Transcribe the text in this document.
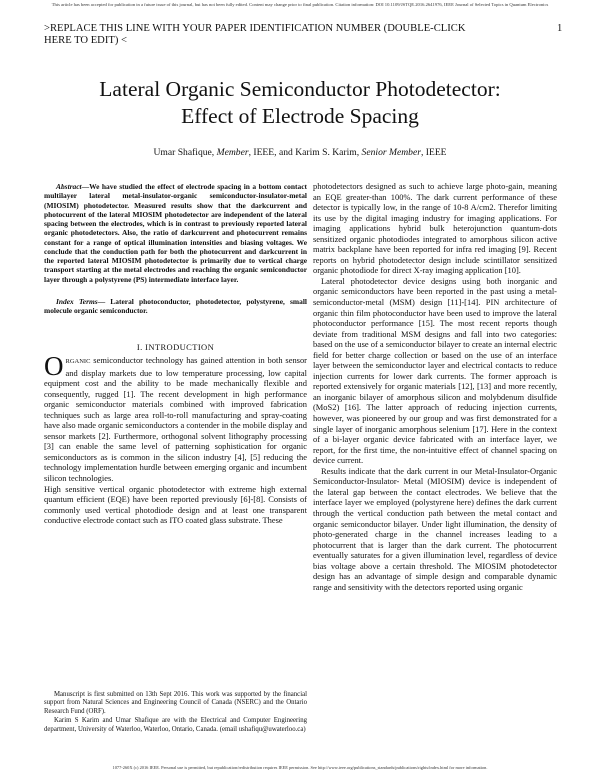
This article has been accepted for publication in a future issue of this journal, but has not been fully edited. Content may change prior to final publication. Citation information: DOI 10.1109/JSTQE.2016.2641976, IEEE Journal of Selected Topics in Quantum Electronics
>REPLACE THIS LINE WITH YOUR PAPER IDENTIFICATION NUMBER (DOUBLE-CLICK HERE TO EDIT) <
1
Lateral Organic Semiconductor Photodetector:
Effect of Electrode Spacing
Umar Shafique, Member, IEEE, and Karim S. Karim, Senior Member, IEEE

Abstract—We have studied the effect of electrode spacing in a bottom contact multilayer lateral metal-insulator-organic semiconductor-insulator-metal (MIOSIM) photodetector. Measured results show that the darkcurrent and photocurrent of the lateral MIOSIM photodetector are independent of the lateral spacing between the electrodes, which is in contrast to previously reported lateral organic photodetectors. Also, the ratio of darkcurrent and photocurrent remains constant for a range of optical illumination intensities and biasing voltages. We conclude that the conduction path for both the photocurrent and darkcurrent in the reported lateral MIOSIM photodetector is primarily due to vertical charge transport starting at the metal electrodes and reaching the organic semiconductor layer through a polystyrene (PS) intermediate interface layer.

Index Terms— Lateral photoconductor, photodetector, polystyrene, small molecule organic semiconductor.

I. INTRODUCTION

ORGANIC semiconductor technology has gained attention in both sensor and display markets due to low temperature processing, low capital equipment cost and the ability to be made mechanically flexible and consequently, rugged [1]. The recent development in high performance organic semiconductor materials combined with improved fabrication techniques such as large area roll-to-roll manufacturing and spray-coating have also made organic semiconductors a contender in the mobile display and sensor markets [2]. Furthermore, orthogonal solvent lithography processing [3] can enable the same level of patterning sophistication for organic semiconductors as is common in the silicon industry [4], [5] reducing the technology implementation hurdle between emerging organic and incumbent silicon technologies.

High sensitive vertical organic photodetector with extreme high external quantum efficient (EQE) have been reported previously [6]-[8]. Consists of commonly used vertical photodiode design and at least one transparent conductive electrode contact such as ITO coated glass substrate. These

Manuscript is first submitted on 13th Sept 2016. This work was supported by the financial support from Natural Sciences and Engineering Council of Canada (NSERC) and the Ontario Research Fund (ORF).

Karim S Karim and Umar Shafique are with the Electrical and Computer Engineering department, University of Waterloo, Waterloo, Ontario, Canada. (email ushafiqu@uwaterloo.ca)

photodetectors designed as such to achieve large photo-gain, meaning an EQE greater-than 100%. The dark current performance of these detector is typically low, in the range of 10-8 A/cm2. Therefor limiting its use by the digital imaging industry for imaging applications. For imaging applications hybrid bulk heterojunction quantum-dots sensitized organic photodiodes integrated to amorphous silicon active matrix backplane have been reported for infra red imaging [9]. Recent reports on hybrid photodetector design include scintillator sensitized organic photodiode for direct X-ray imaging application [10].

Lateral photodetector device designs using both inorganic and organic semiconductors have been reported in the past using a metal-semiconductor-metal (MSM) design [11]-[14]. PIN architecture of organic thin film photoconductor have been used to improve the lateral photoconductor performance [15]. The most recent reports though deviate from traditional MSM designs and fall into two categories: based on the use of a semiconductor bilayer to create an internal electric field for better charge collection or based on the use of an interface layer between the semiconductor layer and electrical contacts to reduce injection currents for lower dark currents. The former approach is reported extensively for organic materials [12], [13] and more recently, an inorganic bilayer of amorphous silicon and molybdenum disulfide (MoS2) [16]. The latter approach of reducing injection currents, however, was pioneered by our group and was first demonstrated for a single layer of inorganic amorphous selenium [17]. Here in the context of a bi-layer organic device fabricated with an interface layer, we report, for the first time, the non-intuitive effect of channel spacing on device current.

Results indicate that the dark current in our Metal-Insulator-Organic Semiconductor-Insulator- Metal (MIOSIM) device is independent of the lateral gap between the contact electrodes. We believe that the interface layer we employed (polystyrene here) defines the dark current through the vertical conduction path between the metal contact and organic semiconductor bilayer. Under light illumination, the density of photo-generated charge in the channel increases leading to a photocurrent that is larger than the dark current. The photocurrent eventually saturates for a given illumination level, regardless of device bias voltage above a certain threshold. The MIOSIM photodetector design has an advantage of simple design and comparable dynamic range and sensitivity with the detectors reported using organic

1077-260X (c) 2016 IEEE. Personal use is permitted, but republication/redistribution requires IEEE permission. See http://www.ieee.org/publications_standards/publications/rights/index.html for more information.
